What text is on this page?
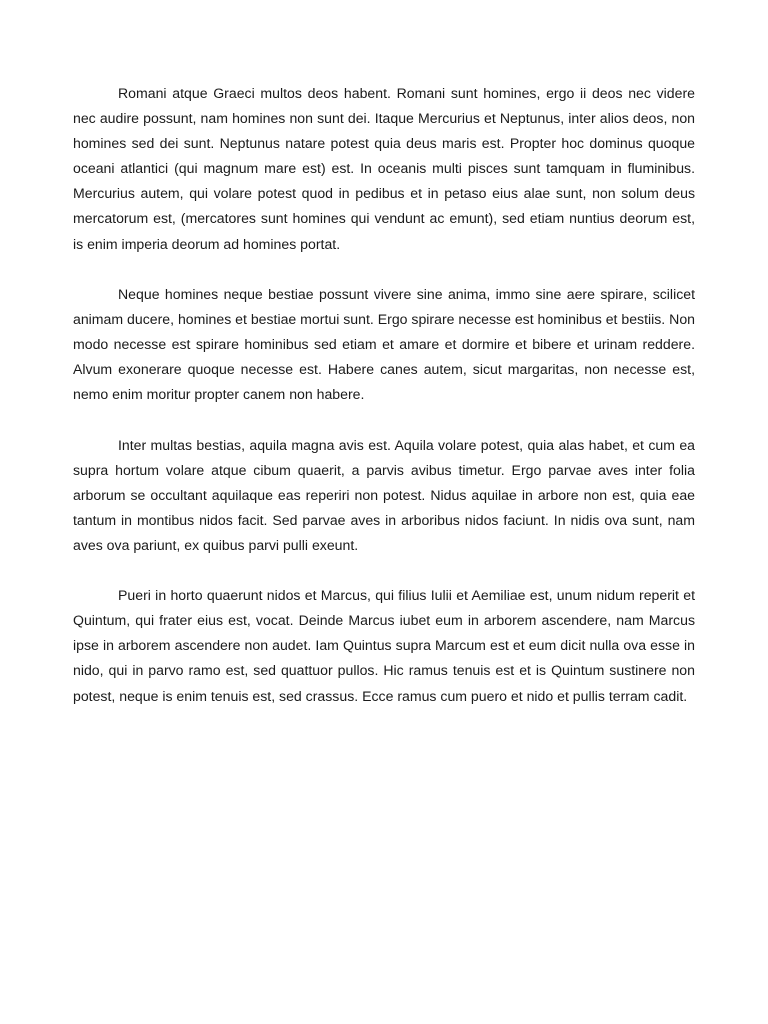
Romani atque Graeci multos deos habent. Romani sunt homines, ergo ii deos nec videre nec audire possunt, nam homines non sunt dei. Itaque Mercurius et Neptunus, inter alios deos, non homines sed dei sunt. Neptunus natare potest quia deus maris est. Propter hoc dominus quoque oceani atlantici (qui magnum mare est) est. In oceanis multi pisces sunt tamquam in fluminibus. Mercurius autem, qui volare potest quod in pedibus et in petaso eius alae sunt, non solum deus mercatorum est, (mercatores sunt homines qui vendunt ac emunt), sed etiam nuntius deorum est, is enim imperia deorum ad homines portat.

Neque homines neque bestiae possunt vivere sine anima, immo sine aere spirare, scilicet animam ducere, homines et bestiae mortui sunt. Ergo spirare necesse est hominibus et bestiis. Non modo necesse est spirare hominibus sed etiam et amare et dormire et bibere et urinam reddere. Alvum exonerare quoque necesse est. Habere canes autem, sicut margaritas, non necesse est, nemo enim moritur propter canem non habere.

Inter multas bestias, aquila magna avis est. Aquila volare potest, quia alas habet, et cum ea supra hortum volare atque cibum quaerit, a parvis avibus timetur. Ergo parvae aves inter folia arborum se occultant aquilaque eas reperiri non potest. Nidus aquilae in arbore non est, quia eae tantum in montibus nidos facit. Sed parvae aves in arboribus nidos faciunt. In nidis ova sunt, nam aves ova pariunt, ex quibus parvi pulli exeunt.

Pueri in horto quaerunt nidos et Marcus, qui filius Iulii et Aemiliae est, unum nidum reperit et Quintum, qui frater eius est, vocat. Deinde Marcus iubet eum in arborem ascendere, nam Marcus ipse in arborem ascendere non audet. Iam Quintus supra Marcum est et eum dicit nulla ova esse in nido, qui in parvo ramo est, sed quattuor pullos. Hic ramus tenuis est et is Quintum sustinere non potest, neque is enim tenuis est, sed crassus. Ecce ramus cum puero et nido et pullis terram cadit.
